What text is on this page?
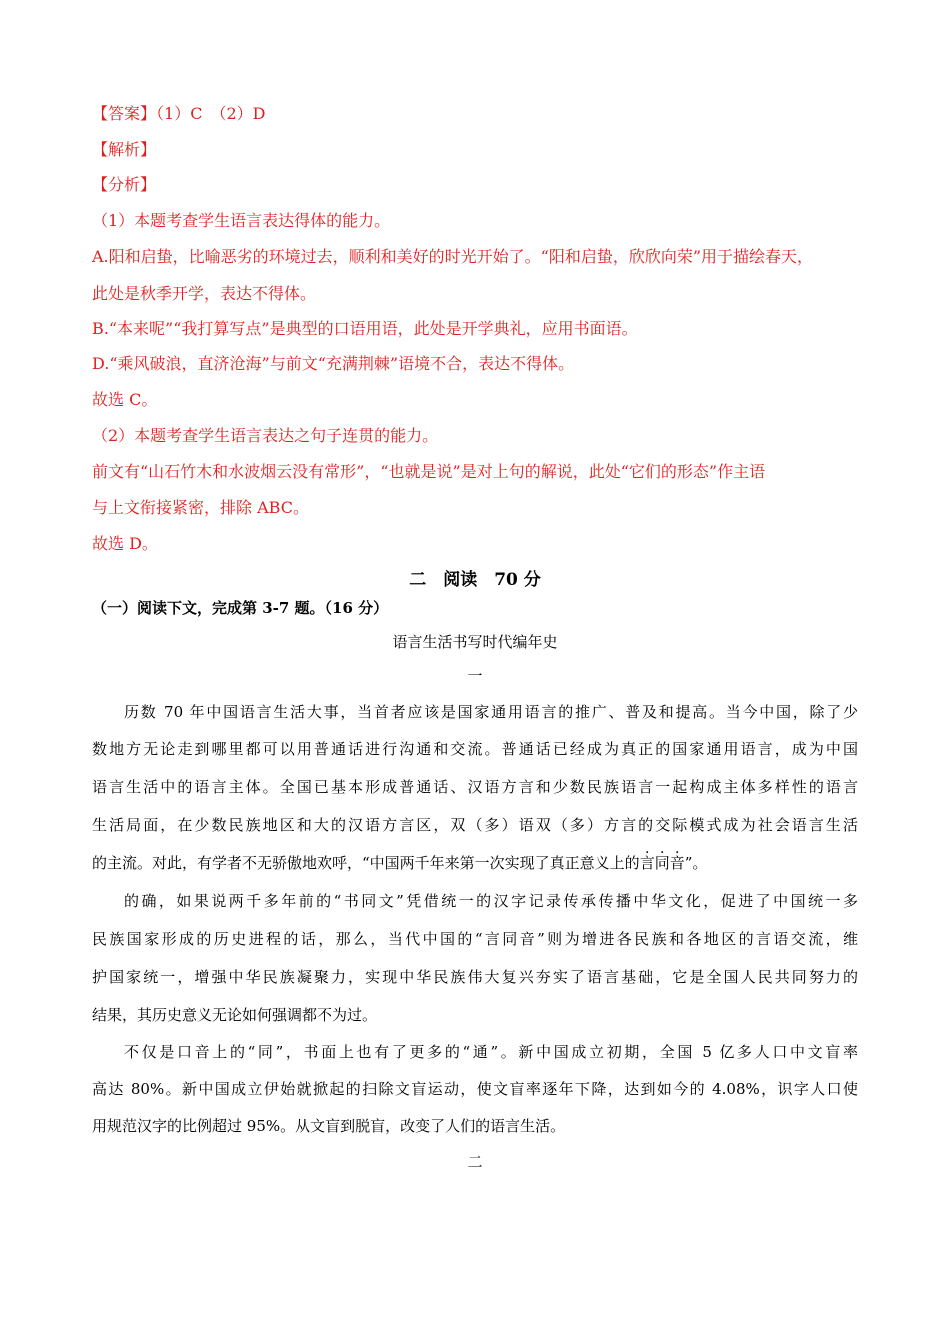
【答案】（1）C　（2）D
【解析】
【分析】
（1）本题考查学生语言表达得体的能力。
A.阳和启蛰，比喻恶劣的环境过去，顺利和美好的时光开始了。“阳和启蛰，欣欣向荣”用于描绘春天，
此处是秋季开学，表达不得体。
B.“本来呢”“我打算写点”是典型的口语用语，此处是开学典礼，应用书面语。
D.“乘风破浪，直济沧海”与前文“充满荆棘”语境不合，表达不得体。
故选 C。
（2）本题考查学生语言表达之句子连贯的能力。
前文有“山石竹木和水波烟云没有常形”，“也就是说”是对上句的解说，此处“它们的形态”作主语
与上文衔接紧密，排除 ABC。
故选 D。
二　阅读　70 分
（一）阅读下文，完成第 3-7 题。（16 分）
语言生活书写时代编年史
一
历数 70 年中国语言生活大事，当首者应该是国家通用语言的推广、普及和提高。当今中国，除了少
数地方无论走到哪里都可以用普通话进行沟通和交流。普通话已经成为真正的国家通用语言，成为中国
语言生活中的语言主体。全国已基本形成普通话、汉语方言和少数民族语言一起构成主体多样性的语言
生活局面，在少数民族地区和大的汉语方言区，双（多）语双（多）方言的交际模式成为社会语言生活
的主流。对此，有学者不无骄傲地欢呼，“中国两千年来第一次实现了真正意义上的言同音”。
的确，如果说两千多年前的“书同文”凭借统一的汉字记录传承传播中华文化，促进了中国统一多
民族国家形成的历史进程的话，那么，当代中国的“言同音”则为增进各民族和各地区的言语交流，维
护国家统一，增强中华民族凝聚力，实现中华民族伟大复兴夯实了语言基础，它是全国人民共同努力的
结果，其历史意义无论如何强调都不为过。
不仅是口音上的“同”，书面上也有了更多的“通”。新中国成立初期，全国 5 亿多人口中文盲率
高达 80%。新中国成立伊始就掀起的扫除文盲运动，使文盲率逐年下降，达到如今的 4.08%，识字人口使
用规范汉字的比例超过 95%。从文盲到脱盲，改变了人们的语言生活。
二
